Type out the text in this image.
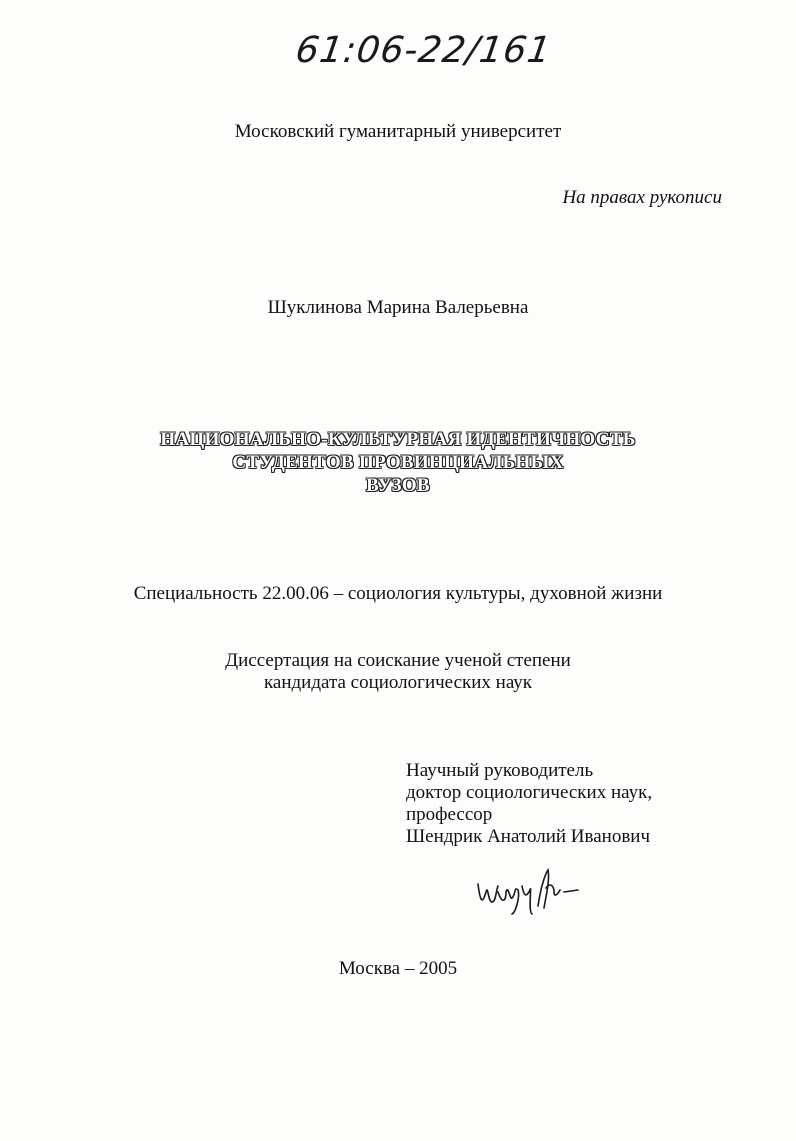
61:06-22/161
Московский гуманитарный университет
На правах рукописи
Шуклинова Марина Валерьевна
НАЦИОНАЛЬНО-КУЛЬТУРНАЯ ИДЕНТИЧНОСТЬ
СТУДЕНТОВ ПРОВИНЦИАЛЬНЫХ
ВУЗОВ
Специальность 22.00.06 – социология культуры, духовной жизни
Диссертация на соискание ученой степени
кандидата социологических наук
Научный руководитель
доктор социологических наук,
профессор
Шендрик Анатолий Иванович
Москва – 2005
